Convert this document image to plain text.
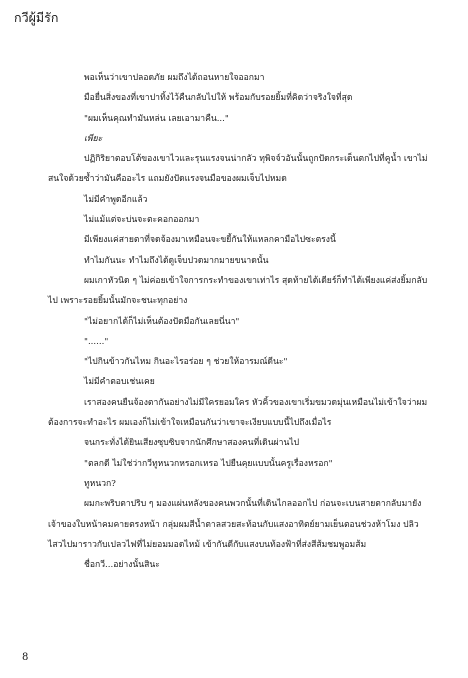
กวีผู้มีรัก

พอเห็นว่าเขาปลอดภัย ผมถึงได้ถอนหายใจออกมา

มือยื่นสิ่งของที่เขาปาทิ้งไว้คืนกลับไปให้ พร้อมกับรอยยิ้มที่คิดว่าจริงใจที่สุด

"ผมเห็นคุณทำมันหล่น เลยเอามาคืน..."

เพียะ

ปฏิกิริยาตอบโต้ของเขาไวและรุนแรงจนน่ากลัว ทุพิจจ์วอันนั้นถูกปัดกระเด็นตกไปที่คูน้ำ เขาไม่สนใจด้วยซ้ำว่ามันคืออะไร แถมยังปัดแรงจนมือของผมเจ็บไปหมด

ไม่มีคำพูดอีกแล้ว

ไม่แม้แต่จะบ่นจะตะคอกออกมา

มีเพียงแค่สายตาที่จดจ้องมาเหมือนจะขยี้กันให้แหลกคามือไปซะตรงนี้

ทำไมกันนะ ทำไมถึงได้ดูเจ็บปวดมากมายขนาดนั้น

ผมเกาหัวนิด ๆ ไม่ค่อยเข้าใจการกระทำของเขาเท่าไร สุดท้ายได้เดียร์ก็ทำได้เพียงแค่ส่งยิ้มกลับไป เพราะรอยยิ้มนั้นมักจะชนะทุกอย่าง

"ไม่อยากได้ก็ไม่เห็นต้องปัดมือกันเลยนี่นา"

"......"

"ไปกินข้าวกันไหม กินอะไรอร่อย ๆ ช่วยให้อารมณ์ดีนะ"

ไม่มีคำตอบเช่นเคย

เราสองคนยืนจ้องตากันอย่างไม่มีใครยอมใคร หัวคิ้วของเขาเริ่มขมวดมุ่นเหมือนไม่เข้าใจว่าผมต้องการจะทำอะไร ผมเองก็ไม่เข้าใจเหมือนกันว่าเขาจะเงียบแบบนี้ไปถึงเมื่อไร

จนกระทั่งได้ยินเสียงซุบซิบจากนักศึกษาสองคนที่เดินผ่านไป

"ตลกดี ไม่ใช่ว่ากวีทูหนวกหรอกเหรอ ไปยืนคุยแบบนั้นครูเรื่องหรอก"

ทูหนวก?

ผมกะพริบตาปริบ ๆ มองแผ่นหลังของคนพวกนั้นที่เดินไกลออกไป ก่อนจะเบนสายตากลับมายังเจ้าของใบหน้าคมคายตรงหน้า กลุ่มผมสีน้ำตาลสวยสะท้อนกับแสงอาทิตย์ยามเย็นตอนช่วงห้าโมง ปลิวไสวไปมาราวกับเปลวไฟที่ไม่ยอมมอดไหม้ เข้ากันดีกับแสงบนท้องฟ้าที่ส่งสีส้มชมพูอมส้ม

ชื่อกวี...อย่างนั้นสินะ

8
